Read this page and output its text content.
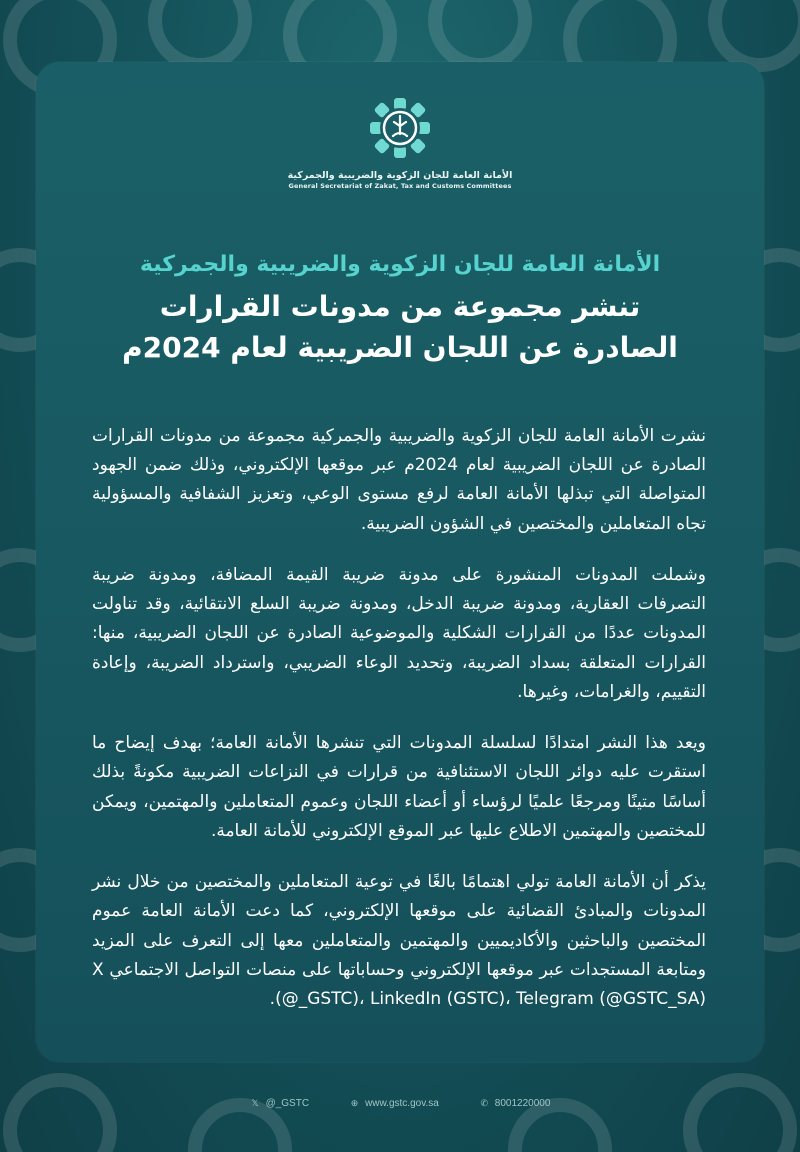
الأمانة العامة للجان الزكوية والضريبية والجمركية
General Secretariat of Zakat, Tax and Customs Committees
الأمانة العامة للجان الزكوية والضريبية والجمركية
تنشر مجموعة من مدونات القرارات
الصادرة عن اللجان الضريبية لعام 2024م

نشرت الأمانة العامة للجان الزكوية والضريبية والجمركية مجموعة من مدونات القرارات الصادرة عن اللجان الضريبية لعام 2024م عبر موقعها الإلكتروني، وذلك ضمن الجهود المتواصلة التي تبذلها الأمانة العامة لرفع مستوى الوعي، وتعزيز الشفافية والمسؤولية تجاه المتعاملين والمختصين في الشؤون الضريبية.

وشملت المدونات المنشورة على مدونة ضريبة القيمة المضافة، ومدونة ضريبة التصرفات العقارية، ومدونة ضريبة الدخل، ومدونة ضريبة السلع الانتقائية، وقد تناولت المدونات عددًا من القرارات الشكلية والموضوعية الصادرة عن اللجان الضريبية، منها: القرارات المتعلقة بسداد الضريبة، وتحديد الوعاء الضريبي، واسترداد الضريبة، وإعادة التقييم، والغرامات، وغيرها.

ويعد هذا النشر امتدادًا لسلسلة المدونات التي تنشرها الأمانة العامة؛ بهدف إيضاح ما استقرت عليه دوائر اللجان الاستئنافية من قرارات في النزاعات الضريبية مكونةً بذلك أساسًا متينًا ومرجعًا علميًا لرؤساء أو أعضاء اللجان وعموم المتعاملين والمهتمين، ويمكن للمختصين والمهتمين الاطلاع عليها عبر الموقع الإلكتروني للأمانة العامة.

يذكر أن الأمانة العامة تولي اهتمامًا بالغًا في توعية المتعاملين والمختصين من خلال نشر المدونات والمبادئ القضائية على موقعها الإلكتروني، كما دعت الأمانة العامة عموم المختصين والباحثين والأكاديميين والمهتمين والمتعاملين معها إلى التعرف على المزيد ومتابعة المستجدات عبر موقعها الإلكتروني وحساباتها على منصات التواصل الاجتماعي X (@_GSTC)، LinkedIn (GSTC)، Telegram (@GSTC_SA).

𝕏 @_GSTC	⊕ www.gstc.gov.sa	✆ 8001220000
